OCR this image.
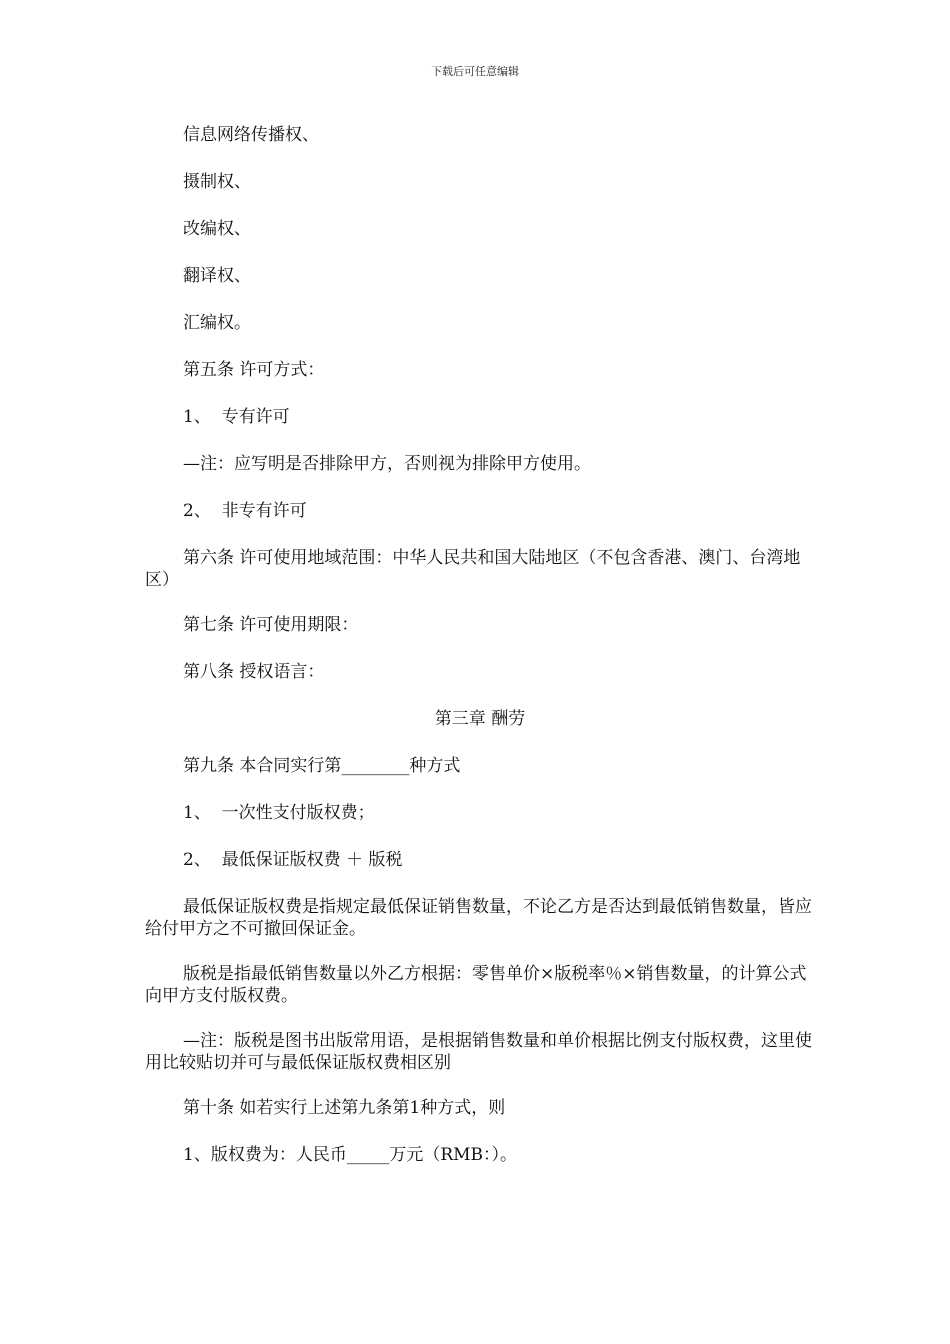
下载后可任意编辑

信息网络传播权、

摄制权、

改编权、

翻译权、

汇编权。

第五条 许可方式：

1、  专有许可

—注：应写明是否排除甲方，否则视为排除甲方使用。

2、  非专有许可

第六条 许可使用地域范围：中华人民共和国大陆地区（不包含香港、澳门、台湾地区）

第七条 许可使用期限：

第八条 授权语言：

第三章 酬劳

第九条 本合同实行第________种方式

1、  一次性支付版权费；

2、  最低保证版权费 ＋ 版税

最低保证版权费是指规定最低保证销售数量，不论乙方是否达到最低销售数量，皆应给付甲方之不可撤回保证金。

版税是指最低销售数量以外乙方根据：零售单价×版税率％×销售数量，的计算公式向甲方支付版权费。

—注：版税是图书出版常用语，是根据销售数量和单价根据比例支付版权费，这里使用比较贴切并可与最低保证版权费相区别

第十条 如若实行上述第九条第1种方式，则

1、版权费为：人民币_____万元（RMB：）。
